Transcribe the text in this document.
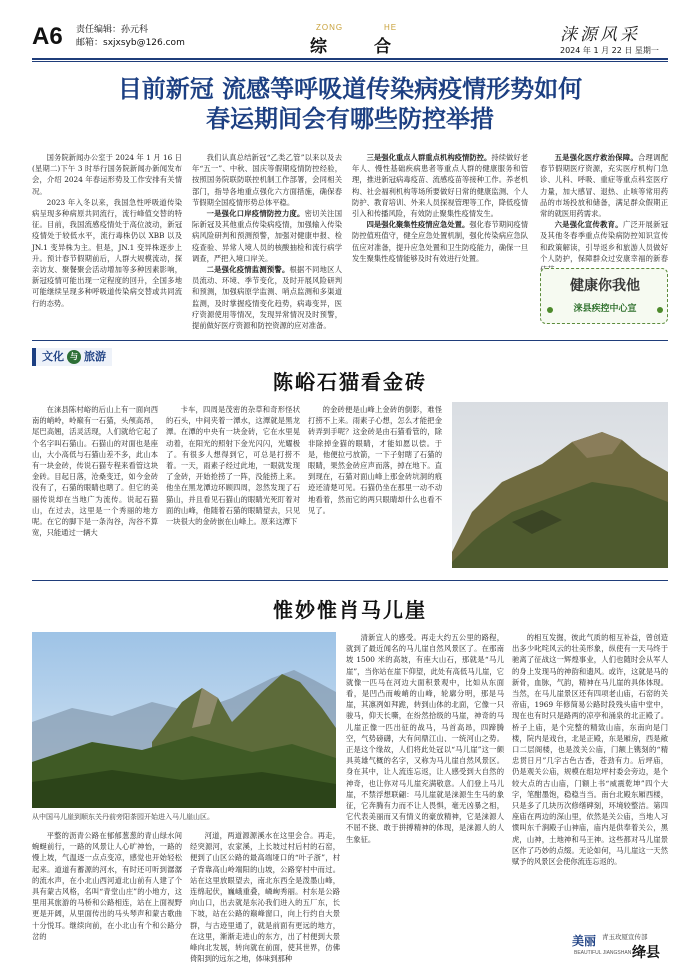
A6 责任编辑：孙元科
邮箱：sxjxsyb@126.com
ZONG	HE
综	合
涞源风采
2024 年 1 月 22 日 星期一
目前新冠 流感等呼吸道传染病疫情形势如何
春运期间会有哪些防控举措

国务院新闻办公室于 2024 年 1 月 16 日(星期二)下午 3 时举行国务院新闻办新闻发布会，介绍 2024 年春运形势及工作安排有关情况。

2023 年入冬以来，我国急性呼吸道传染病呈现多种病原共同流行，流行峰值交替的特征。目前，我国流感疫情处于高位波动，新冠疫情处于较低水平，流行毒株仍以 XBB 以及 JN.1 变异株为主。但是，JN.1 变异株逐步上升。预计春节假期前后，人群大规模流动，探亲访友、聚餐聚会活动增加等多种因素影响，新冠疫情可能出现一定程度的回升，全国多地可能继续呈现多种呼吸道传染病交替或共同流行的态势。

我们认真总结新冠“乙类乙管”以来以及去年“五一”、中秋、国庆等假期疫情防控经验，按照国务院联防联控机制工作部署，会同相关部门，指导各地重点强化六方面措施，确保春节假期全国疫情形势总体平稳。

一是强化口岸疫情防控力度。密切关注国际新冠及其他重点传染病疫情，加强输入传染病风险研判和预测预警，加强对健康申报、检疫查验、异常人境人员的核酸抽检和流行病学调查，严把入境口岸关。

二是强化疫情监测预警。根据不同地区人员流动、环境、季节变化，及时开展风险研判和预测，加强病原学监测、哨点监测和多渠道监测，及时掌握疫情变化趋势，病毒变异，医疗资源使用等情况，发现异常情况及时预警，提前做好医疗资源和防控资源的应对准备。

三是强化重点人群重点机构疫情防控。持续做好老年人、慢性基础疾病患者等重点人群的健康服务和管理，推进新冠病毒疫苗、流感疫苗等接种工作。养老机构、社会福利机构等场所要做好日常的健康监测、个人防护、教育培训、外来人员探视管理等工作，降低疫情引入和传播风险，有效防止聚集性疫情发生。

四是强化聚集性疫情应急处置。强化春节期间疫情防控值班值守，健全应急处置机制，强化传染病应急队伍应对准备，提升应急处置和卫生防疫能力，确保一旦发生聚集性疫情能够及时有效进行处置。

五是强化医疗救治保障。合理调配春节假期医疗资源，充实医疗机构门急诊、儿科、呼吸、重症等重点科室医疗力量，加大感冒、退热、止咳等常用药品的市场投放和储备，满足群众假期正常的就医用药需求。

六是强化宣传教育。广泛开展新冠及其他冬春季重点传染病防控知识宣传和政策解读，引导返乡和旅游人员做好个人防护，保障群众过安康幸福的新春

健康你我他
涞县疾控中心宣
文化 与 旅游
陈峪石猫看金砖

在涞县陈村峪的后山上有一面向西南的峭岭，岭巅有一石猫，头颅高昂，尾巴高翘，活灵活现，人们就给它起了个名字叫石猫山。石猫山的对面也是座山，大小高低与石猫山差不多，此山本有一块金砖，传说石猫专程来看管这块金砖。目起日落，沧桑变迁，如今金砖没有了，石猫的眼睛也瞎了。但它的美丽传说却在当地广为流传。说起石猫山，在过去，这里是一个秀丽的地方呢。在它的脚下是一条沟谷，沟谷不算宽，只能通过一辆大

卡车，四周是茂密的杂草和奇形怪状的石头，中间夹着一潭水，这潭就是黑龙潭。在潭的中央有一块金砖，它在水里晃动着，在阳光的照射下金光闪闪，光耀极了。有很多人想得到它，可总是打捞不着。一天，雨素子经过此地，一眼就发现了金砖，开始抢捞了一阵，没能捞上来。他坐在黑龙潭边环顾四周，忽然发现了石猫山，并且看见石猫山的眼睛光死盯着对面的山峰，他随着石猫的眼睛望去，只见一块很大的金砖嵌在山峰上。原来这潭下

的金砖便是山峰上金砖的倒影，难怪打捞不上来。雨素子心想，怎么才能把金砖弄到手呢？这金砖是由石猫看管的，除非除掉金猫的眼睛，才能如愿以偿。于是，他便拉弓放箭，一下子射瞎了石猫的眼睛，果然金砖应声而落，掉在地下。直到现在，石猫对面山峰上那金砖坑洞的痕迹还清楚可见。石猫仍坐在那里一动不动地看着，然而它的两只眼睛却什么也看不见了。

惟妙惟肖马儿崖
从中国马儿崖到顺东关丹前旁阳茶园开始进入马儿崖山区。

平整的沥青公路在郁郁葱葱的青山绿水间蜿蜒前行，一路的风景让人心旷神怡，一路的慢上坡，气温逐一点点变凉，感觉也开始轻松起来。道道有蓄源的河水，有时还可听到潺潺的流水声，在小北山西河道北山前有人建了个具有蒙古风格，名叫“青堂山庄”的小地方，这里用其旅游的马桥和公路相连，站在上面视野更是开阔，从里面传出的马头琴声和蒙古歌曲十分悦耳。继续向前，在小北山有个和公路分岔的

河道，两道源源溪水在这里会合。再走，经突源河，农家溪，上长坡过村后村的石窑，便到了山区公路的最高端垭口的“叶子浙”，村子背靠高山岭端阳的山坡，公路穿村中而过。站在这里放眼望去，南北东西全是泼墨山峰，连绵起伏，巍峨重叠，嶙峋秀丽。村东是公路向山口，出去就是东沁我们进入的五厂东，长下坡，站在公路的巅峰窗口，向上行约自大景群，与古迹里通了，就是前面有更远的地方，在这里，渐渐走进山的东方，出了村便到大景峰向北发展，转向就在前面，使其世界，仿佛倚阳到的远东之地，体味到那种

清新宜人的感受。再走大约五公里的路程，就到了最近闻名的马儿崖自然风景区了。在那南坡 1500 米的高坡，有座大山石，那就是“马儿崖”，当你站在崖下仰望，此处有高低马儿崖，它就像一匹马在河边大面积景观中，比如从东面看，是凹凸而峻峭的山峰，轮廓分明，那是马崖，其凛冽如拜跪，转到山体的北面，它像一只骏马，仰天长嘶，在纷然拾级的马崖，神奇的马儿崖正像一匹出征的战马，马首高昂，四蹄腾空，气势磅礴，大有问鼎江山、一统河山之势。正是这个缘故，人们将此处冠以“马儿崖”这一颇具英雄气概的名字，又称为马儿崖自然风景区。身在其中，让人流连忘返，让人感受到大自然的神奇，也让你对马儿崖充满敬意。人们登上马儿崖，不禁浮想联翩：马儿崖就是涞源生生马的象征，它奔腾有力而不让人畏惧，毫无凶暴之相，它代表美丽而又有情义的豪放精神，它是涞源人不屈不挠、敢于拼搏精神的体现，是涞源人的人生象征。

的相互发掘，彼此气质的相互补益，曾创造出多少叱咤风云的壮美形象，纵使有一天马终于驰离了征战这一辉煌事业，人们也随时会从军人的身上发现马的神韵和遗风。或许，这就是马的新骨，血脉，气韵，精神在马儿崖的具体体现。当然，在马儿崖景区还有四项老山庙，石窑的关帝庙，1969 年修简易公路时段残头庙中堂中，现在也有时只是路两的凉亭和涌泉的北正殿了。桥子上庙，是个完整的精致山庙，东南向是门楼，院内是戏台，北是正殿，东是厢房，西是敞口二层阁楼，也是泼关公庙，门额上镌刻的“精忠贯日月”几字古色古香，苍劲有力。后坪庙，仍是观关公庙，规模在组垃坪村委会旁边，是个较大点的古山庙，门额上书“威震乾坤”四个大字，笔酣墨饱，稳稳当当。南台北殿东厢西楼，只是多了几块历次修缮碑刻，环境较整洁。第四座庙在两边的深山里，依然是关公庙，当地人习惯叫东千涧殿子山神庙，庙内是供奉着关公，黑虎，山神，土地神和马王神。这些都对马儿崖景区作了巧妙的点缀。无论如何，马儿崖这一天然赋予的风景区会使你流连忘返的。

美丽
BEAUTIFUL JIANGSHAN
青玉玫厦宣传部
绛县
